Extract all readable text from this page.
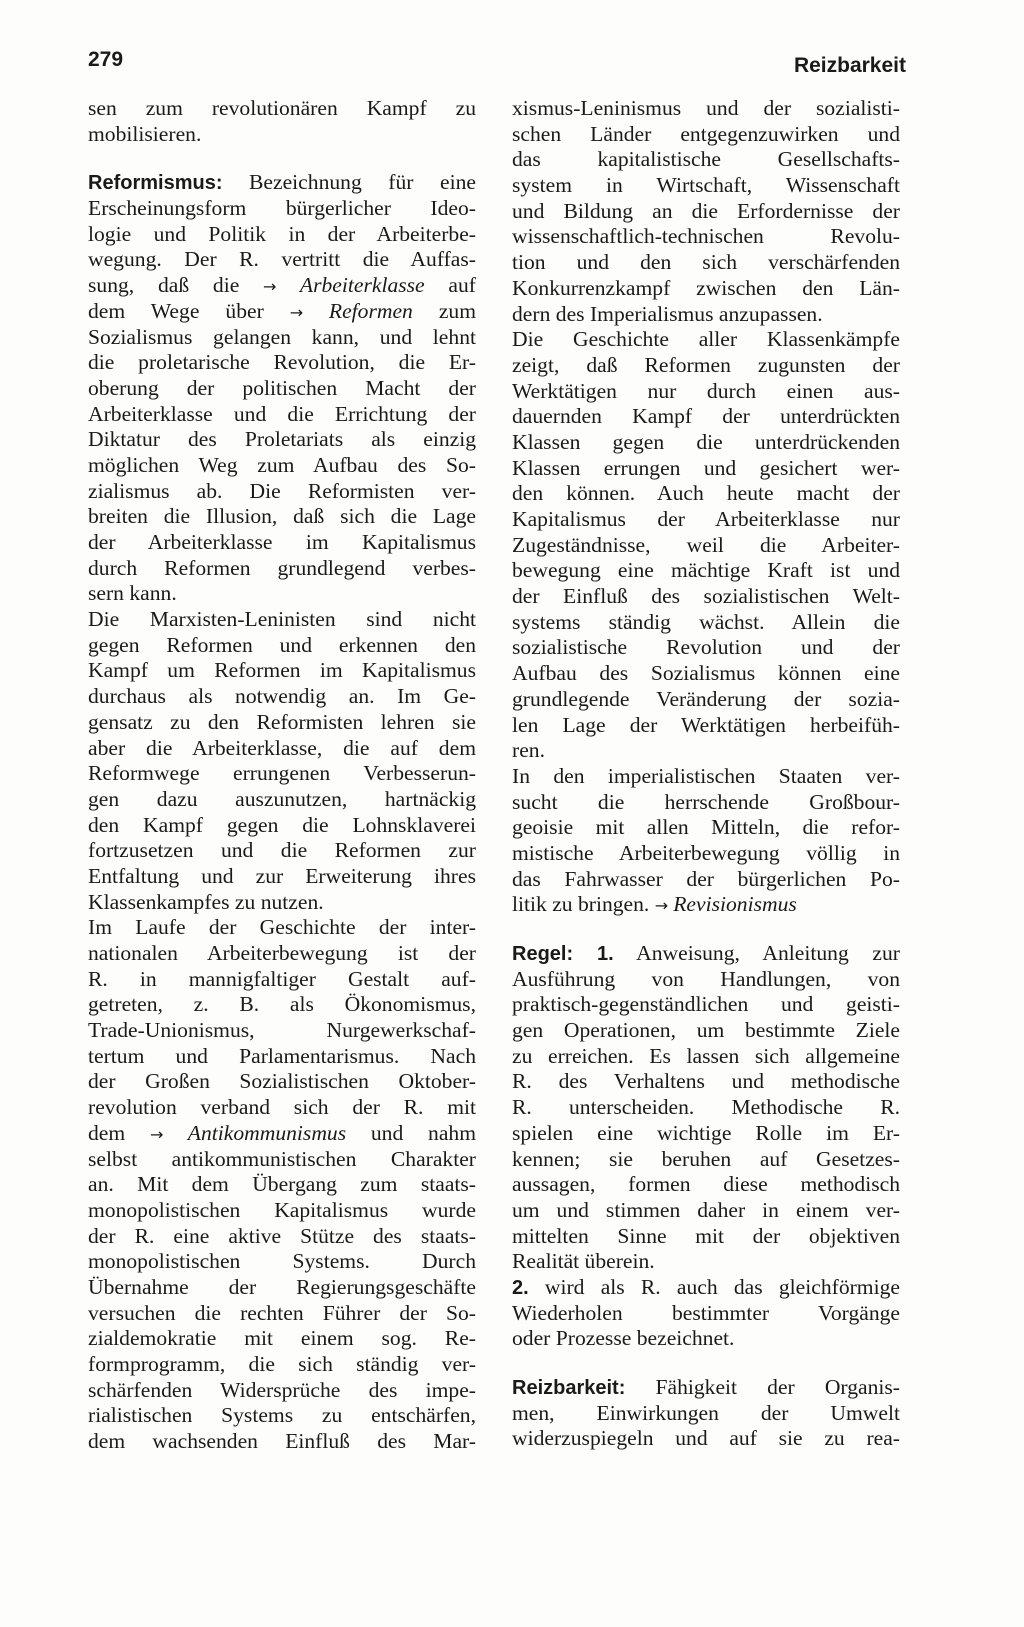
279	Reizbarkeit
sen zum revolutionären Kampf zu
mobilisieren.
Reformismus: Bezeichnung für eine
Erscheinungsform bürgerlicher Ideo-
logie und Politik in der Arbeiterbe-
wegung. Der R. vertritt die Auffas-
sung, daß die → Arbeiterklasse auf
dem Wege über → Reformen zum
Sozialismus gelangen kann, und lehnt
die proletarische Revolution, die Er-
oberung der politischen Macht der
Arbeiterklasse und die Errichtung der
Diktatur des Proletariats als einzig
möglichen Weg zum Aufbau des So-
zialismus ab. Die Reformisten ver-
breiten die Illusion, daß sich die Lage
der Arbeiterklasse im Kapitalismus
durch Reformen grundlegend verbes-
sern kann.
Die Marxisten-Leninisten sind nicht
gegen Reformen und erkennen den
Kampf um Reformen im Kapitalismus
durchaus als notwendig an. Im Ge-
gensatz zu den Reformisten lehren sie
aber die Arbeiterklasse, die auf dem
Reformwege errungenen Verbesserun-
gen dazu auszunutzen, hartnäckig
den Kampf gegen die Lohnsklaverei
fortzusetzen und die Reformen zur
Entfaltung und zur Erweiterung ihres
Klassenkampfes zu nutzen.
Im Laufe der Geschichte der inter-
nationalen Arbeiterbewegung ist der
R. in mannigfaltiger Gestalt auf-
getreten, z. B. als Ökonomismus,
Trade-Unionismus, Nurgewerkschaf-
tertum und Parlamentarismus. Nach
der Großen Sozialistischen Oktober-
revolution verband sich der R. mit
dem → Antikommunismus und nahm
selbst antikommunistischen Charakter
an. Mit dem Übergang zum staats-
monopolistischen Kapitalismus wurde
der R. eine aktive Stütze des staats-
monopolistischen Systems. Durch
Übernahme der Regierungsgeschäfte
versuchen die rechten Führer der So-
zialdemokratie mit einem sog. Re-
formprogramm, die sich ständig ver-
schärfenden Widersprüche des impe-
rialistischen Systems zu entschärfen,
dem wachsenden Einfluß des Mar-
xismus-Leninismus und der sozialisti-
schen Länder entgegenzuwirken und
das kapitalistische Gesellschafts-
system in Wirtschaft, Wissenschaft
und Bildung an die Erfordernisse der
wissenschaftlich-technischen Revolu-
tion und den sich verschärfenden
Konkurrenzkampf zwischen den Län-
dern des Imperialismus anzupassen.
Die Geschichte aller Klassenkämpfe
zeigt, daß Reformen zugunsten der
Werktätigen nur durch einen aus-
dauernden Kampf der unterdrückten
Klassen gegen die unterdrückenden
Klassen errungen und gesichert wer-
den können. Auch heute macht der
Kapitalismus der Arbeiterklasse nur
Zugeständnisse, weil die Arbeiter-
bewegung eine mächtige Kraft ist und
der Einfluß des sozialistischen Welt-
systems ständig wächst. Allein die
sozialistische Revolution und der
Aufbau des Sozialismus können eine
grundlegende Veränderung der sozia-
len Lage der Werktätigen herbeifüh-
ren.
In den imperialistischen Staaten ver-
sucht die herrschende Großbour-
geoisie mit allen Mitteln, die refor-
mistische Arbeiterbewegung völlig in
das Fahrwasser der bürgerlichen Po-
litik zu bringen. → Revisionismus
Regel: 1. Anweisung, Anleitung zur
Ausführung von Handlungen, von
praktisch-gegenständlichen und geisti-
gen Operationen, um bestimmte Ziele
zu erreichen. Es lassen sich allgemeine
R. des Verhaltens und methodische
R. unterscheiden. Methodische R.
spielen eine wichtige Rolle im Er-
kennen; sie beruhen auf Gesetzes-
aussagen, formen diese methodisch
um und stimmen daher in einem ver-
mittelten Sinne mit der objektiven
Realität überein.
2. wird als R. auch das gleichförmige
Wiederholen bestimmter Vorgänge
oder Prozesse bezeichnet.
Reizbarkeit: Fähigkeit der Organis-
men, Einwirkungen der Umwelt
widerzuspiegeln und auf sie zu rea-
